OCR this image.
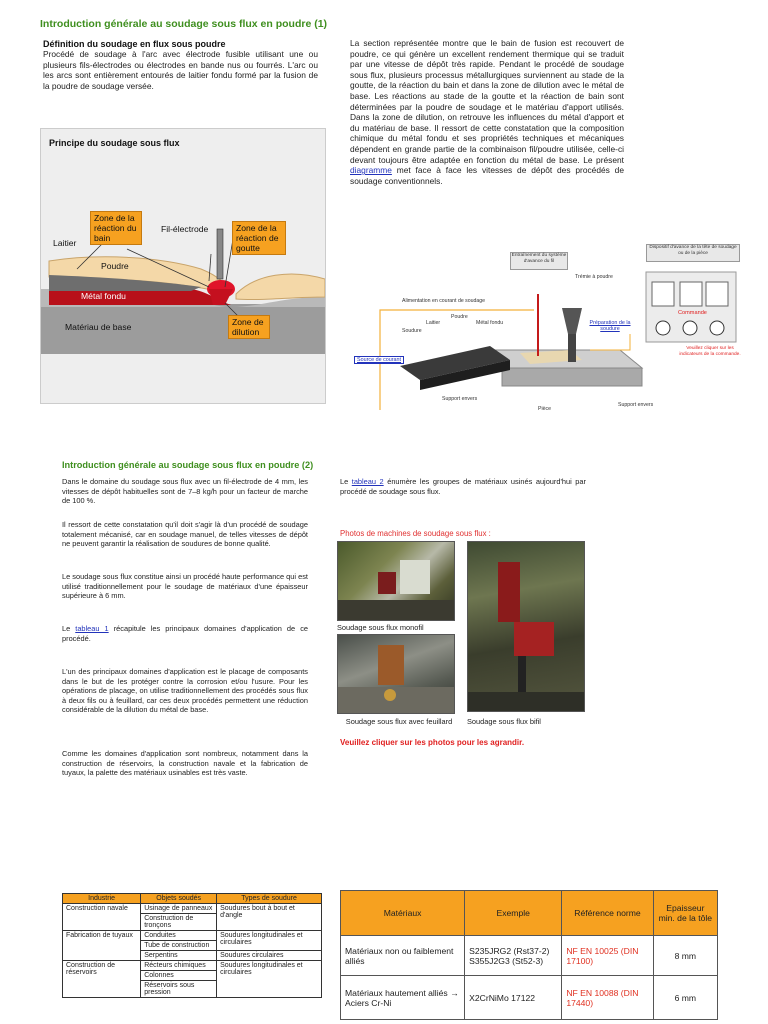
Introduction générale au soudage sous flux en poudre (1)
Définition du soudage en flux sous poudre
Procédé de soudage à l'arc avec électrode fusible utilisant une ou plusieurs fils-électrodes ou électrodes en bande nus ou fourrés. L'arc ou les arcs sont entièrement entourés de laitier fondu formé par la fusion de la poudre de soudage versée.
La section représentée montre que le bain de fusion est recouvert de poudre, ce qui génère un excellent rendement thermique qui se traduit par une vitesse de dépôt très rapide. Pendant le procédé de soudage sous flux, plusieurs processus métallurgiques surviennent au stade de la goutte, de la réaction du bain et dans la zone de dilution avec le métal de base. Les réactions au stade de la goutte et la réaction de bain sont déterminées par la poudre de soudage et le matériau d'apport utilisés. Dans la zone de dilution, on retrouve les influences du métal d'apport et du matériau de base. Il ressort de cette constatation que la composition chimique du métal fondu et ses propriétés techniques et mécaniques dépendent en grande partie de la combinaison fil/poudre utilisée, celle-ci devant toujours être adaptée en fonction du métal de base. Le présent diagramme met face à face les vitesses de dépôt des procédés de soudage conventionnels.
Principe du soudage sous flux
Zone de la réaction du bain
Fil-électrode	Zone de la réaction de goutte
Laitier
Poudre
Métal fondu
Matériau de base	Zone de dilution
Entraînement du système d'avance du fil
Dispositif d'avance de la tête de soudage ou de la pièce
Trémie à poudre
Alimentation en courant de soudage
Poudre
Laitier	Métal fondu
Soudure
Préparation de la soudure
Commande
Source de courant
Support envers
Support envers
Pièce
Veuillez cliquer sur les indicateurs de la commande.
Introduction générale au soudage sous flux en poudre (2)
Dans le domaine du soudage sous flux avec un fil-électrode de 4 mm, les vitesses de dépôt habituelles sont de 7–8 kg/h pour un facteur de marche de 100 %.
Il ressort de cette constatation qu'il doit s'agir là d'un procédé de soudage totalement mécanisé, car en soudage manuel, de telles vitesses de dépôt ne peuvent garantir la réalisation de soudures de bonne qualité.
Le soudage sous flux constitue ainsi un procédé haute performance qui est utilisé traditionnellement pour le soudage de matériaux d'une épaisseur supérieure à 6 mm.
Le tableau 1 récapitule les principaux domaines d'application de ce procédé.
L'un des principaux domaines d'application est le placage de composants dans le but de les protéger contre la corrosion et/ou l'usure. Pour les opérations de placage, on utilise traditionnellement des procédés sous flux à deux fils ou à feuillard, car ces deux procédés permettent une réduction considérable de la dilution du métal de base.
Comme les domaines d'application sont nombreux, notamment dans la construction de réservoirs, la construction navale et la fabrication de tuyaux, la palette des matériaux usinables est très vaste.
Le tableau 2 énumère les groupes de matériaux usinés aujourd'hui par procédé de soudage sous flux.
Photos de machines de soudage sous flux :
Soudage sous flux monofil
Soudage sous flux avec feuillard	Soudage sous flux bifil
Veuillez cliquer sur les photos pour les agrandir.
Industrie	Objets soudés	Types de soudure
Construction navale	Usinage de panneaux	Soudures bout à bout et d'angle
	Construction de tronçons	
Fabrication de tuyaux	Conduites	Soudures longitudinales et circulaires
	Tube de construction	
	Serpentins	Soudures circulaires
Construction de réservoirs	Récteurs chimiques	Soudures longitudinales et circulaires
	Colonnes	
	Réservoirs sous pression	
Matériaux	Exemple	Référence norme	Epaisseur min. de la tôle
Matériaux non ou faiblement alliés	S235JRG2 (Rst37-2) S355J2G3 (St52-3)	NF EN 10025 (DIN 17100)	8 mm
Matériaux hautement alliés → Aciers Cr-Ni	X2CrNiMo 17122	NF EN 10088 (DIN 17440)	6 mm
